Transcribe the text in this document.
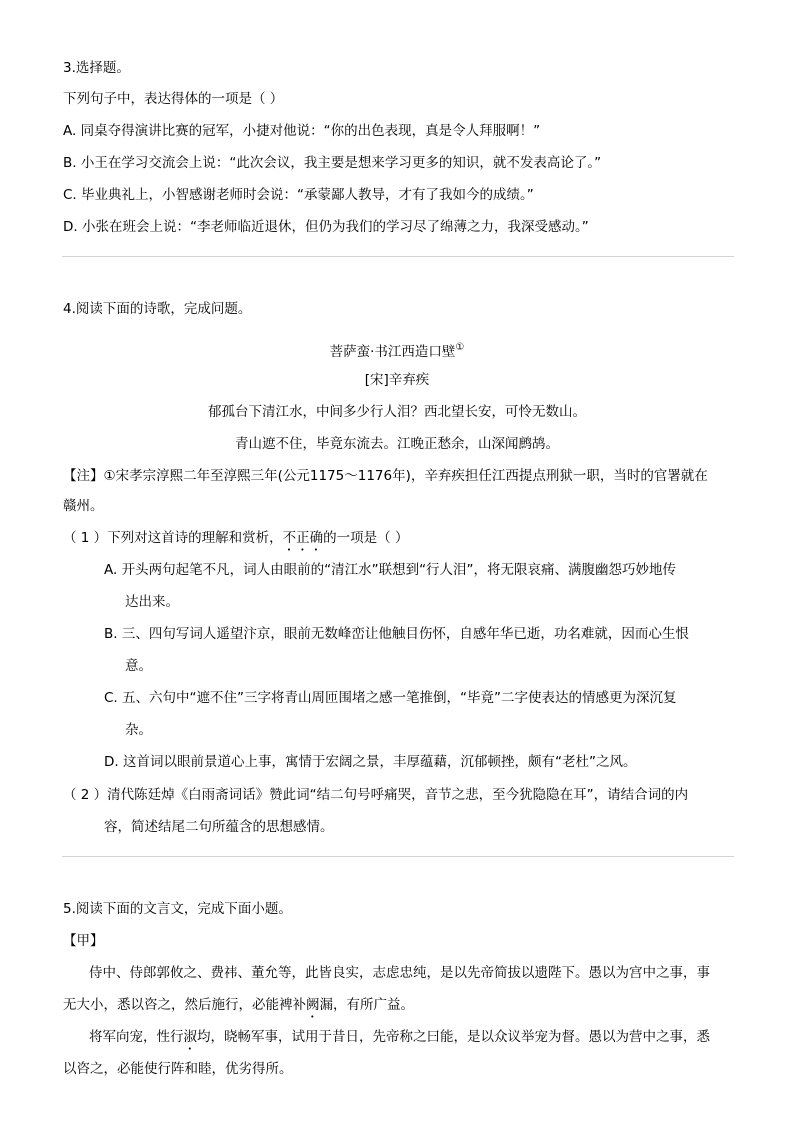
3.选择题。
下列句子中，表达得体的一项是（ ）
A. 同桌夺得演讲比赛的冠军，小捷对他说：“你的出色表现，真是令人拜服啊！”
B. 小王在学习交流会上说：“此次会议，我主要是想来学习更多的知识，就不发表高论了。”
C. 毕业典礼上，小智感谢老师时会说：“承蒙鄙人教导，才有了我如今的成绩。”
D. 小张在班会上说：“李老师临近退休，但仍为我们的学习尽了绵薄之力，我深受感动。”
4.阅读下面的诗歌，完成问题。
菩萨蛮·书江西造口壁①
[宋]辛弃疾
郁孤台下清江水，中间多少行人泪？西北望长安，可怜无数山。
青山遮不住，毕竟东流去。江晚正愁余，山深闻鹧鸪。
【注】①宋孝宗淳熙二年至淳熙三年(公元1175～1176年)，辛弃疾担任江西提点刑狱一职，当时的官署就在
赣州。
（ 1 ）下列对这首诗的理解和赏析，不正确的一项是（ ）
A. 开头两句起笔不凡，词人由眼前的“清江水”联想到“行人泪”，将无限哀痛、满腹幽怨巧妙地传
达出来。
B. 三、四句写词人遥望汴京，眼前无数峰峦让他触目伤怀，自感年华已逝，功名难就，因而心生恨
意。
C. 五、六句中“遮不住”三字将青山周匝围堵之感一笔推倒，“毕竟”二字使表达的情感更为深沉复
杂。
D. 这首词以眼前景道心上事，寓情于宏阔之景，丰厚蕴藉，沉郁顿挫，颇有“老杜”之风。
（ 2 ）清代陈廷焯《白雨斋词话》赞此词“结二句号呼痛哭，音节之悲，至今犹隐隐在耳”，请结合词的内
容，简述结尾二句所蕴含的思想感情。
5.阅读下面的文言文，完成下面小题。
【甲】
侍中、侍郎郭攸之、费祎、董允等，此皆良实，志虑忠纯，是以先帝简拔以遗陛下。愚以为宫中之事，事
无大小，悉以咨之，然后施行，必能裨补阙漏，有所广益。
将军向宠，性行淑均，晓畅军事，试用于昔日，先帝称之曰能，是以众议举宠为督。愚以为营中之事，悉
以咨之，必能使行阵和睦，优劣得所。
